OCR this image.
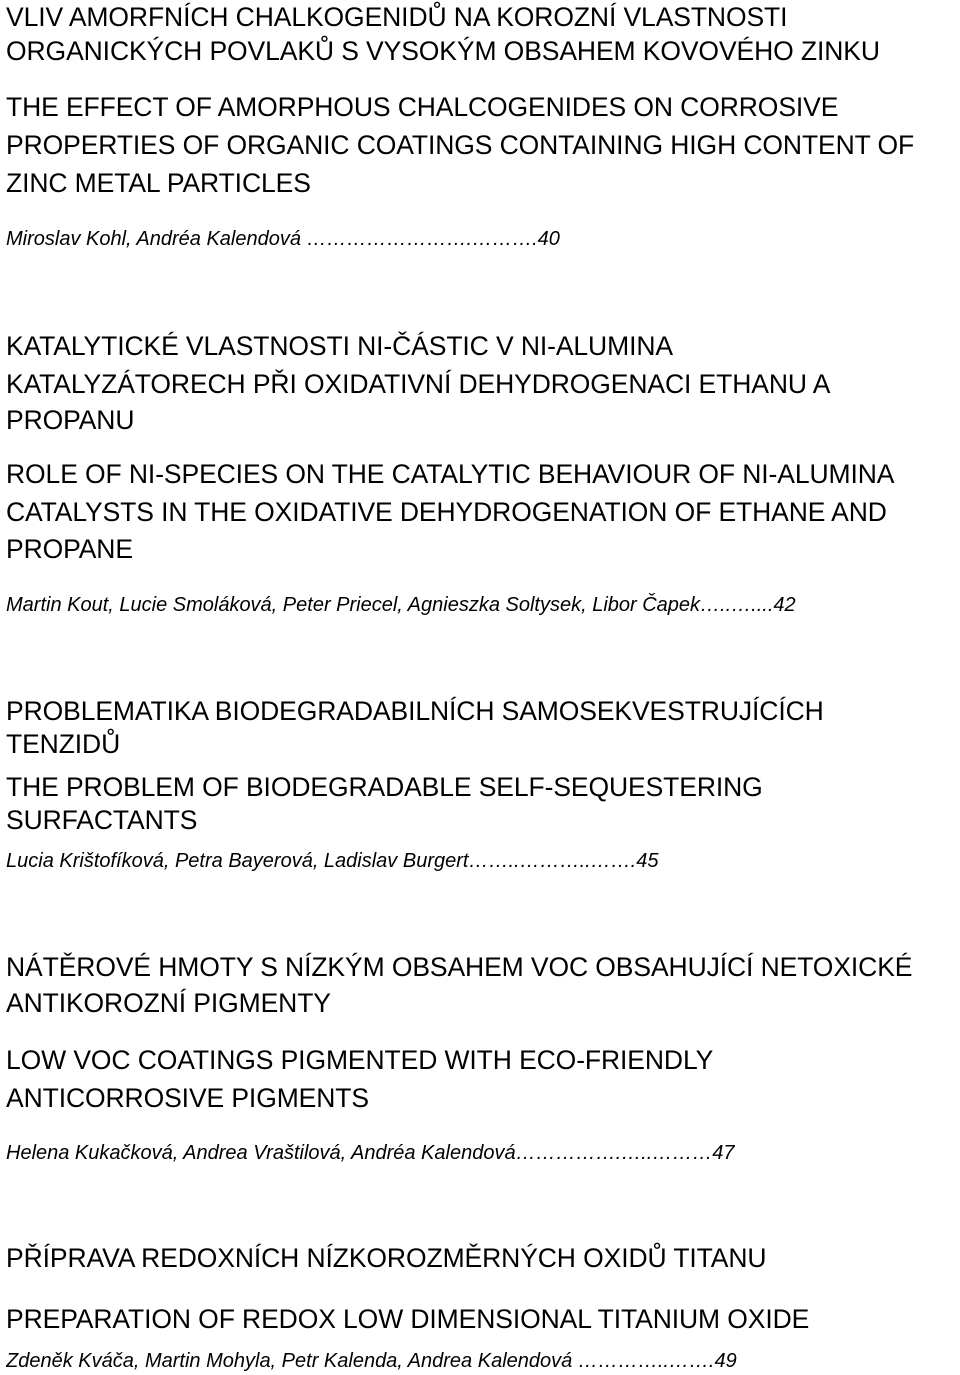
VLIV AMORFNÍCH CHALKOGENIDŮ NA KOROZNÍ VLASTNOSTI
ORGANICKÝCH POVLAKŮ S VYSOKÝM OBSAHEM KOVOVÉHO ZINKU
THE EFFECT OF AMORPHOUS CHALCOGENIDES ON CORROSIVE
PROPERTIES OF ORGANIC COATINGS CONTAINING HIGH CONTENT OF
ZINC METAL PARTICLES
Miroslav Kohl, Andréa Kalendová …………………….……….40
KATALYTICKÉ VLASTNOSTI NI-ČÁSTIC V NI-ALUMINA
KATALYZÁTORECH PŘI OXIDATIVNÍ DEHYDROGENACI ETHANU A
PROPANU
ROLE OF NI-SPECIES ON THE CATALYTIC BEHAVIOUR OF NI-ALUMINA
CATALYSTS IN THE OXIDATIVE DEHYDROGENATION OF ETHANE AND
PROPANE
Martin Kout, Lucie Smoláková, Peter Priecel, Agnieszka Soltysek, Libor Čapek…..…....42
PROBLEMATIKA BIODEGRADABILNÍCH SAMOSEKVESTRUJÍCÍCH
TENZIDŮ
THE PROBLEM OF BIODEGRADABLE SELF-SEQUESTERING
SURFACTANTS
Lucia Krištofíková, Petra Bayerová, Ladislav Burgert……..………..…….45
NÁTĚROVÉ HMOTY S NÍZKÝM OBSAHEM VOC OBSAHUJÍCÍ NETOXICKÉ
ANTIKOROZNÍ PIGMENTY
LOW VOC COATINGS PIGMENTED WITH ECO-FRIENDLY
ANTICORROSIVE PIGMENTS
Helena Kukačková, Andrea Vraštilová, Andréa Kalendová…………….…..………47
PŘÍPRAVA REDOXNÍCH NÍZKOROZMĚRNÝCH OXIDŮ TITANU
PREPARATION OF REDOX LOW DIMENSIONAL TITANIUM OXIDE
Zdeněk Kváča, Martin Mohyla, Petr Kalenda, Andrea Kalendová …………..…….49
